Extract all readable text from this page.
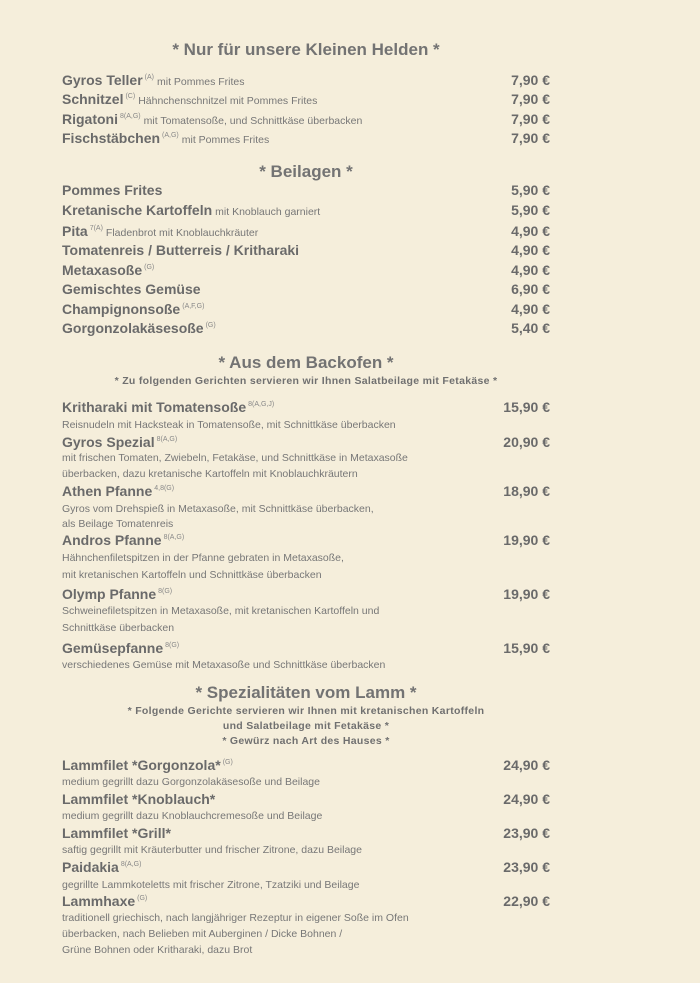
* Nur für unsere Kleinen Helden *
Gyros Teller $^{(A)}$ mit Pommes Frites	7,90 €
Schnitzel $^{(C)}$ Hähnchenschnitzel mit Pommes Frites	7,90 €
Rigatoni $^{8(A,G)}$ mit Tomatensoße, und Schnittkäse überbacken	7,90 €
Fischstäbchen $^{(A,G)}$ mit Pommes Frites	7,90 €
* Beilagen *
Pommes Frites	5,90 €
Kretanische Kartoffeln mit Knoblauch garniert	5,90 €
Pita $^{7(A)}$ Fladenbrot mit Knoblauchkräuter	4,90 €
Tomatenreis / Butterreis / Kritharaki	4,90 €
Metaxasoße $^{(G)}$	4,90 €
Gemischtes Gemüse	6,90 €
Champignonsoße $^{(A,F,G)}$	4,90 €
Gorgonzolakäsesoße $^{(G)}$	5,40 €
* Aus dem Backofen *
* Zu folgenden Gerichten servieren wir Ihnen Salatbeilage mit Fetakäse *
Kritharaki mit Tomatensoße $^{8(A,G,J)}$	15,90 €
Reisnudeln mit Hacksteak in Tomatensoße, mit Schnittkäse überbacken
Gyros Spezial $^{8(A,G)}$	20,90 €
mit frischen Tomaten, Zwiebeln, Fetakäse, und Schnittkäse in Metaxasoße
überbacken, dazu kretanische Kartoffeln mit Knoblauchkräutern
Athen Pfanne $^{4,8(G)}$	18,90 €
Gyros vom Drehspieß in Metaxasoße, mit Schnittkäse überbacken,
als Beilage Tomatenreis
Andros Pfanne $^{8(A,G)}$	19,90 €
Hähnchenfiletspitzen in der Pfanne gebraten in Metaxasoße,
mit kretanischen Kartoffeln und Schnittkäse überbacken
Olymp Pfanne $^{8(G)}$	19,90 €
Schweinefiletspitzen in Metaxasoße, mit kretanischen Kartoffeln und
Schnittkäse überbacken
Gemüsepfanne $^{8(G)}$	15,90 €
verschiedenes Gemüse mit Metaxasoße und Schnittkäse überbacken
* Spezialitäten vom Lamm *
* Folgende Gerichte servieren wir Ihnen mit kretanischen Kartoffeln
und Salatbeilage mit Fetakäse *
* Gewürz nach Art des Hauses *
Lammfilet *Gorgonzola* $^{(G)}$	24,90 €
medium gegrillt dazu Gorgonzolakäsesoße und Beilage
Lammfilet *Knoblauch*	24,90 €
medium gegrillt dazu Knoblauchcremesoße und Beilage
Lammfilet *Grill*	23,90 €
saftig gegrillt mit Kräuterbutter und frischer Zitrone, dazu Beilage
Paidakia $^{8(A,G)}$	23,90 €
gegrillte Lammkoteletts mit frischer Zitrone, Tzatziki und Beilage
Lammhaxe $^{(G)}$	22,90 €
traditionell griechisch, nach langjähriger Rezeptur in eigener Soße im Ofen
überbacken, nach Belieben mit Auberginen / Dicke Bohnen /
Grüne Bohnen oder Kritharaki, dazu Brot
